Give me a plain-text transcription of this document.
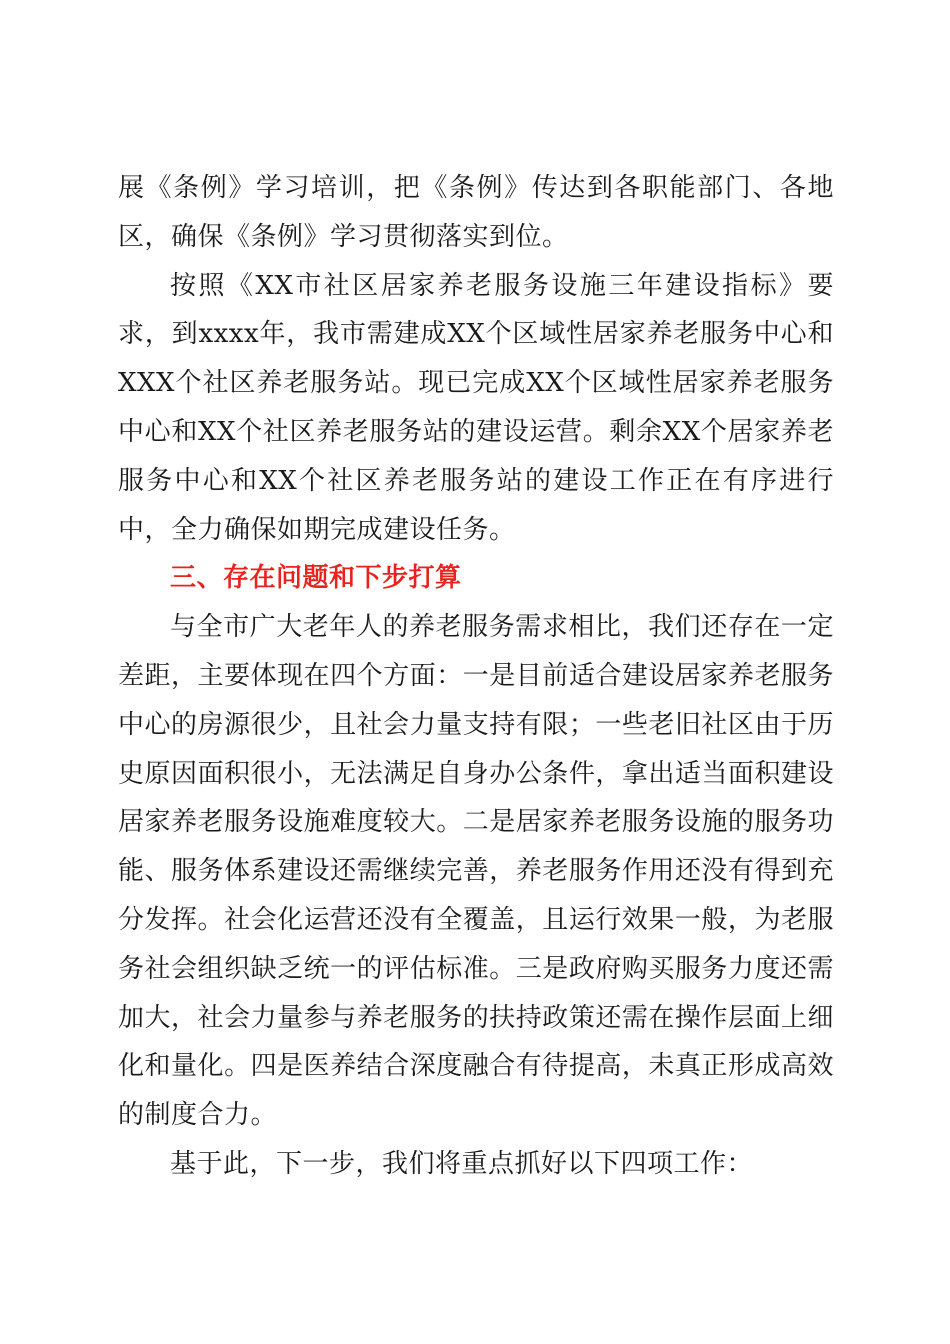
展《条例》学习培训，把《条例》传达到各职能部门、各地区，确保《条例》学习贯彻落实到位。

按照《XX市社区居家养老服务设施三年建设指标》要求，到xxxx年，我市需建成XX个区域性居家养老服务中心和XXX个社区养老服务站。现已完成XX个区域性居家养老服务中心和XX个社区养老服务站的建设运营。剩余XX个居家养老服务中心和XX个社区养老服务站的建设工作正在有序进行中，全力确保如期完成建设任务。

三、存在问题和下步打算

与全市广大老年人的养老服务需求相比，我们还存在一定差距，主要体现在四个方面：一是目前适合建设居家养老服务中心的房源很少，且社会力量支持有限；一些老旧社区由于历史原因面积很小，无法满足自身办公条件，拿出适当面积建设居家养老服务设施难度较大。二是居家养老服务设施的服务功能、服务体系建设还需继续完善，养老服务作用还没有得到充分发挥。社会化运营还没有全覆盖，且运行效果一般，为老服务社会组织缺乏统一的评估标准。三是政府购买服务力度还需加大，社会力量参与养老服务的扶持政策还需在操作层面上细化和量化。四是医养结合深度融合有待提高，未真正形成高效的制度合力。

基于此，下一步，我们将重点抓好以下四项工作：
